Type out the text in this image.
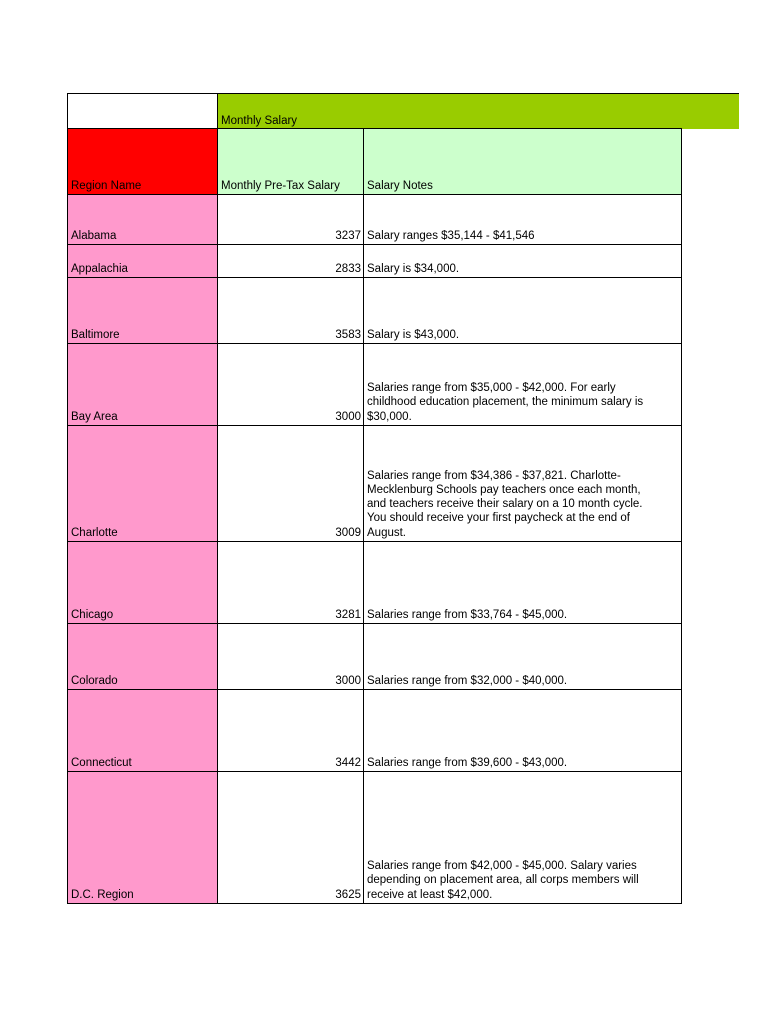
Monthly Salary
Region Name	Monthly Pre-Tax Salary	Salary Notes
Alabama	3237 Salary ranges $35,144 - $41,546
Appalachia	2833 Salary is $34,000.
Baltimore	3583 Salary is $43,000.
Bay Area	3000
Salaries range from $35,000 - $42,000. For early
childhood education placement, the minimum salary is
$30,000.
Charlotte	3009
Salaries range from $34,386 - $37,821. Charlotte-
Mecklenburg Schools pay teachers once each month,
and teachers receive their salary on a 10 month cycle.
You should receive your first paycheck at the end of
August.
Chicago	3281 Salaries range from $33,764 - $45,000.
Colorado	3000 Salaries range from $32,000 - $40,000.
Connecticut	3442 Salaries range from $39,600 - $43,000.
D.C. Region	3625
Salaries range from $42,000 - $45,000. Salary varies
depending on placement area, all corps members will
receive at least $42,000.
